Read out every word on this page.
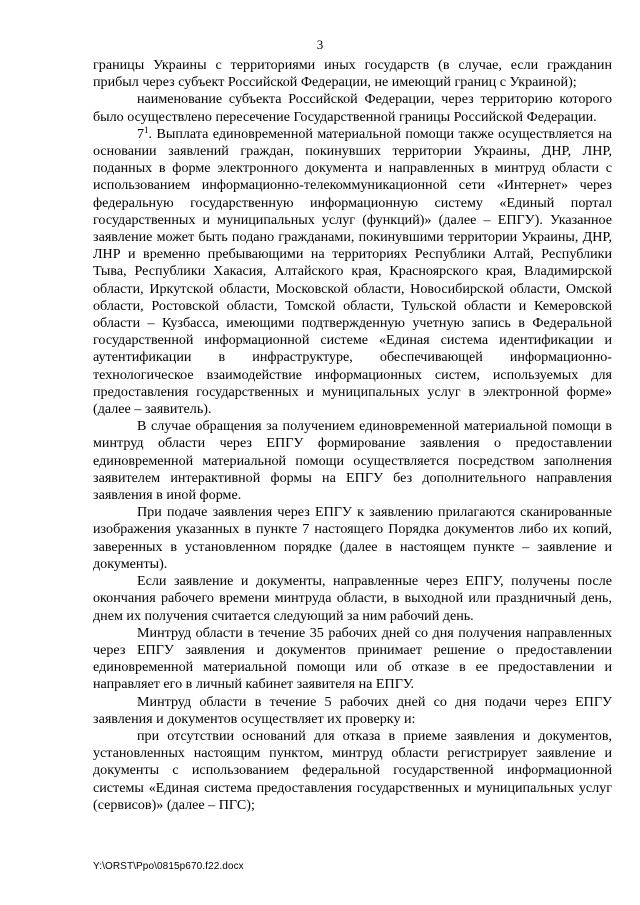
3

границы Украины с территориями иных государств (в случае, если гражданин прибыл через субъект Российской Федерации, не имеющий границ с Украиной);

наименование субъекта Российской Федерации, через территорию которого было осуществлено пересечение Государственной границы Российской Федерации.

$7^1$. Выплата единовременной материальной помощи также осуществляется на основании заявлений граждан, покинувших территории Украины, ДНР, ЛНР, поданных в форме электронного документа и направленных в минтруд области с использованием информационно-телекоммуникационной сети «Интернет» через федеральную государственную информационную систему «Единый портал государственных и муниципальных услуг (функций)» (далее – ЕПГУ). Указанное заявление может быть подано гражданами, покинувшими территории Украины, ДНР, ЛНР и временно пребывающими на территориях Республики Алтай, Республики Тыва, Республики Хакасия, Алтайского края, Красноярского края, Владимирской области, Иркутской области, Московской области, Новосибирской области, Омской области, Ростовской области, Томской области, Тульской области и Кемеровской области – Кузбасса, имеющими подтвержденную учетную запись в Федеральной государственной информационной системе «Единая система идентификации и аутентификации в инфраструктуре, обеспечивающей информационно-технологическое взаимодействие информационных систем, используемых для предоставления государственных и муниципальных услуг в электронной форме» (далее – заявитель).

В случае обращения за получением единовременной материальной помощи в минтруд области через ЕПГУ формирование заявления о предоставлении единовременной материальной помощи осуществляется посредством заполнения заявителем интерактивной формы на ЕПГУ без дополнительного направления заявления в иной форме.

При подаче заявления через ЕПГУ к заявлению прилагаются сканированные изображения указанных в пункте 7 настоящего Порядка документов либо их копий, заверенных в установленном порядке (далее в настоящем пункте – заявление и документы).

Если заявление и документы, направленные через ЕПГУ, получены после окончания рабочего времени минтруда области, в выходной или праздничный день, днем их получения считается следующий за ним рабочий день.

Минтруд области в течение 35 рабочих дней со дня получения направленных через ЕПГУ заявления и документов принимает решение о предоставлении единовременной материальной помощи или об отказе в ее предоставлении и направляет его в личный кабинет заявителя на ЕПГУ.

Минтруд области в течение 5 рабочих дней со дня подачи через ЕПГУ заявления и документов осуществляет их проверку и:

при отсутствии оснований для отказа в приеме заявления и документов, установленных настоящим пунктом, минтруд области регистрирует заявление и документы с использованием федеральной государственной информационной системы «Единая система предоставления государственных и муниципальных услуг (сервисов)» (далее – ПГС);

Y:\ORST\Ppo\0815p670.f22.docx
